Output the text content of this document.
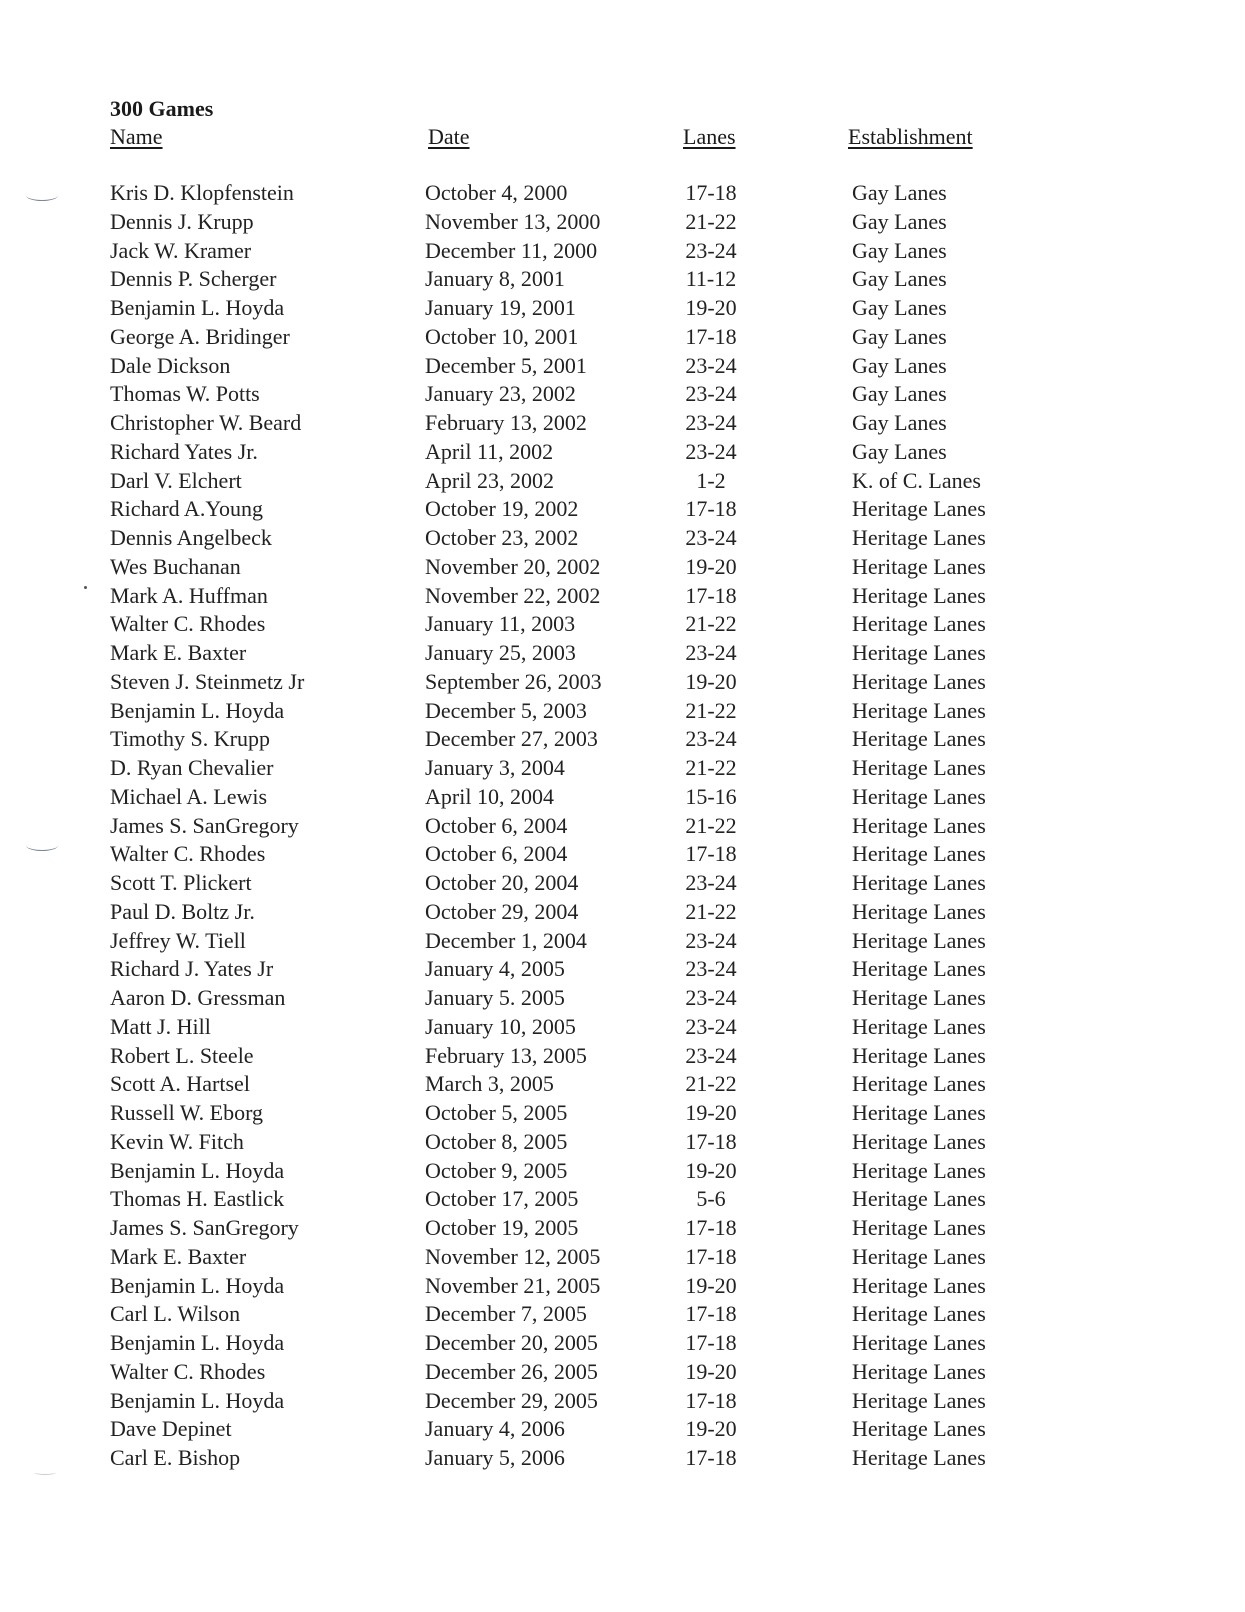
300 Games
Name	Date	Lanes	Establishment
Kris D. Klopfenstein	October 4, 2000	17-18	Gay Lanes
Dennis J. Krupp	November 13, 2000	21-22	Gay Lanes
Jack W. Kramer	December 11, 2000	23-24	Gay Lanes
Dennis P. Scherger	January 8, 2001	11-12	Gay Lanes
Benjamin L. Hoyda	January 19, 2001	19-20	Gay Lanes
George A. Bridinger	October 10, 2001	17-18	Gay Lanes
Dale Dickson	December 5, 2001	23-24	Gay Lanes
Thomas W. Potts	January 23, 2002	23-24	Gay Lanes
Christopher W. Beard	February 13, 2002	23-24	Gay Lanes
Richard Yates Jr.	April 11, 2002	23-24	Gay Lanes
Darl V. Elchert	April 23, 2002	1-2	K. of C. Lanes
Richard A.Young	October 19, 2002	17-18	Heritage Lanes
Dennis Angelbeck	October 23, 2002	23-24	Heritage Lanes
Wes Buchanan	November 20, 2002	19-20	Heritage Lanes
Mark A. Huffman	November 22, 2002	17-18	Heritage Lanes
Walter C. Rhodes	January 11, 2003	21-22	Heritage Lanes
Mark E. Baxter	January 25, 2003	23-24	Heritage Lanes
Steven J. Steinmetz Jr	September 26, 2003	19-20	Heritage Lanes
Benjamin L. Hoyda	December 5, 2003	21-22	Heritage Lanes
Timothy S. Krupp	December 27, 2003	23-24	Heritage Lanes
D. Ryan Chevalier	January 3, 2004	21-22	Heritage Lanes
Michael A. Lewis	April 10, 2004	15-16	Heritage Lanes
James S. SanGregory	October 6, 2004	21-22	Heritage Lanes
Walter C. Rhodes	October 6, 2004	17-18	Heritage Lanes
Scott T. Plickert	October 20, 2004	23-24	Heritage Lanes
Paul D. Boltz Jr.	October 29, 2004	21-22	Heritage Lanes
Jeffrey W. Tiell	December 1, 2004	23-24	Heritage Lanes
Richard J. Yates Jr	January 4, 2005	23-24	Heritage Lanes
Aaron D. Gressman	January 5. 2005	23-24	Heritage Lanes
Matt J. Hill	January 10, 2005	23-24	Heritage Lanes
Robert L. Steele	February 13, 2005	23-24	Heritage Lanes
Scott A. Hartsel	March 3, 2005	21-22	Heritage Lanes
Russell W. Eborg	October 5, 2005	19-20	Heritage Lanes
Kevin W. Fitch	October 8, 2005	17-18	Heritage Lanes
Benjamin L. Hoyda	October 9, 2005	19-20	Heritage Lanes
Thomas H. Eastlick	October 17, 2005	5-6	Heritage Lanes
James S. SanGregory	October 19, 2005	17-18	Heritage Lanes
Mark E. Baxter	November 12, 2005	17-18	Heritage Lanes
Benjamin L. Hoyda	November 21, 2005	19-20	Heritage Lanes
Carl L. Wilson	December 7, 2005	17-18	Heritage Lanes
Benjamin L. Hoyda	December 20, 2005	17-18	Heritage Lanes
Walter C. Rhodes	December 26, 2005	19-20	Heritage Lanes
Benjamin L. Hoyda	December 29, 2005	17-18	Heritage Lanes
Dave Depinet	January 4, 2006	19-20	Heritage Lanes
Carl E. Bishop	January 5, 2006	17-18	Heritage Lanes
